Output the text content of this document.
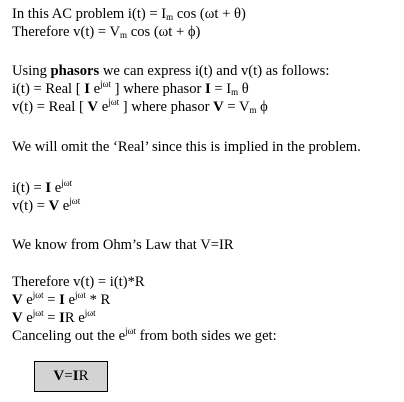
In this AC problem $i(t) = I_m$ cos (ωt + θ)
Therefore $v(t) = V_m$ cos (ωt + ϕ)
Using phasors we can express i(t) and v(t) as follows:
i(t) = Real [ I $e^{j\omega t}$ ] where phasor $I = I_m$ θ
v(t) = Real [ V $e^{j\omega t}$ ] where phasor $V = V_m$ ϕ
We will omit the ‘Real’ since this is implied in the problem.
i(t) = I $e^{j\omega t}$
v(t) = V $e^{j\omega t}$
We know from Ohm’s Law that V=IR
Therefore v(t) = i(t)*R
V $e^{j\omega t} = I$ $e^{j\omega t}$ * R
V $e^{j\omega t}$ = IR $e^{j\omega t}$
Canceling out the $e^{j\omega t}$ from both sides we get:
V = I R
